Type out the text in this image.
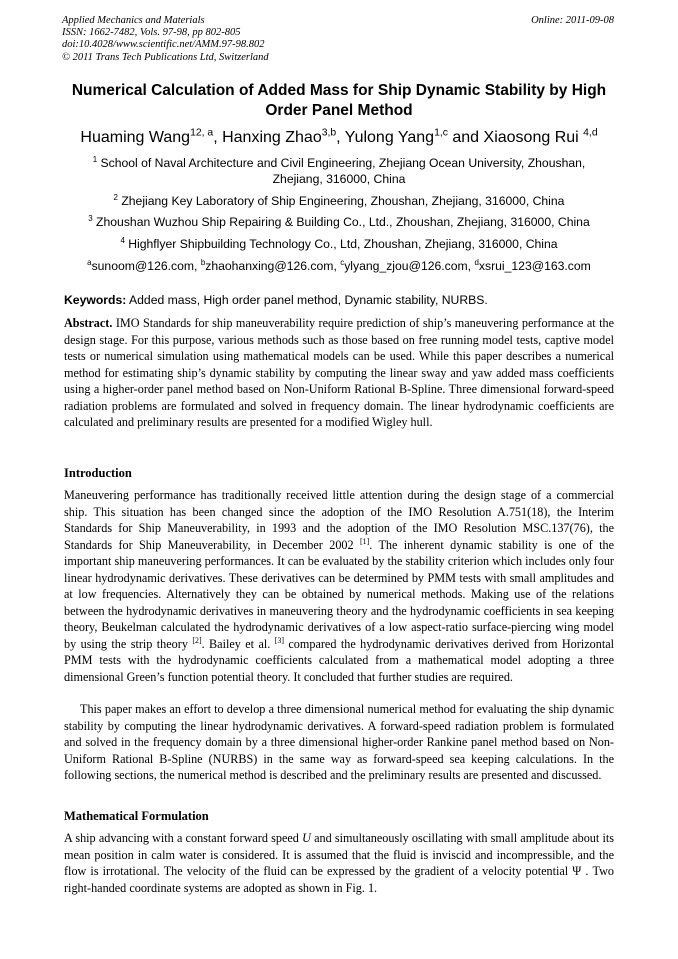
Applied Mechanics and Materials
ISSN: 1662-7482, Vols. 97-98, pp 802-805
doi:10.4028/www.scientific.net/AMM.97-98.802
© 2011 Trans Tech Publications Ltd, Switzerland
Online: 2011-09-08
Numerical Calculation of Added Mass for Ship Dynamic Stability by High
Order Panel Method
Huaming Wang$^{12, a}$, Hanxing Zhao$^{3,b}$, Yulong Yang$^{1,c}$ and Xiaosong Rui $^{4,d}$
$^1$ School of Naval Architecture and Civil Engineering, Zhejiang Ocean University, Zhoushan,
Zhejiang, 316000, China
$^2$ Zhejiang Key Laboratory of Ship Engineering, Zhoushan, Zhejiang, 316000, China
$^3$ Zhoushan Wuzhou Ship Repairing & Building Co., Ltd., Zhoushan, Zhejiang, 316000, China
$^4$ Highflyer Shipbuilding Technology Co., Ltd, Zhoushan, Zhejiang, 316000, China
$^a$sunoom@126.com, $^b$zhaohanxing@126.com, $^c$ylyang_zjou@126.com, $^d$xsrui_123@163.com
Keywords: Added mass, High order panel method, Dynamic stability, NURBS.
Abstract. IMO Standards for ship maneuverability require prediction of ship’s maneuvering performance at the design stage. For this purpose, various methods such as those based on free running model tests, captive model tests or numerical simulation using mathematical models can be used. While this paper describes a numerical method for estimating ship’s dynamic stability by computing the linear sway and yaw added mass coefficients using a higher-order panel method based on Non-Uniform Rational B-Spline. Three dimensional forward-speed radiation problems are formulated and solved in frequency domain. The linear hydrodynamic coefficients are calculated and preliminary results are presented for a modified Wigley hull.
Introduction
Maneuvering performance has traditionally received little attention during the design stage of a commercial ship. This situation has been changed since the adoption of the IMO Resolution A.751(18), the Interim Standards for Ship Maneuverability, in 1993 and the adoption of the IMO Resolution MSC.137(76), the Standards for Ship Maneuverability, in December 2002 [1]. The inherent dynamic stability is one of the important ship maneuvering performances. It can be evaluated by the stability criterion which includes only four linear hydrodynamic derivatives. These derivatives can be determined by PMM tests with small amplitudes and at low frequencies. Alternatively they can be obtained by numerical methods. Making use of the relations between the hydrodynamic derivatives in maneuvering theory and the hydrodynamic coefficients in sea keeping theory, Beukelman calculated the hydrodynamic derivatives of a low aspect-ratio surface-piercing wing model by using the strip theory [2]. Bailey et al. [3] compared the hydrodynamic derivatives derived from Horizontal PMM tests with the hydrodynamic coefficients calculated from a mathematical model adopting a three dimensional Green’s function potential theory. It concluded that further studies are required.
This paper makes an effort to develop a three dimensional numerical method for evaluating the ship dynamic stability by computing the linear hydrodynamic derivatives. A forward-speed radiation problem is formulated and solved in the frequency domain by a three dimensional higher-order Rankine panel method based on Non-Uniform Rational B-Spline (NURBS) in the same way as forward-speed sea keeping calculations. In the following sections, the numerical method is described and the preliminary results are presented and discussed.
Mathematical Formulation
A ship advancing with a constant forward speed U and simultaneously oscillating with small amplitude about its mean position in calm water is considered. It is assumed that the fluid is inviscid and incompressible, and the flow is irrotational. The velocity of the fluid can be expressed by the gradient of a velocity potential Ψ . Two right-handed coordinate systems are adopted as shown in Fig. 1.
